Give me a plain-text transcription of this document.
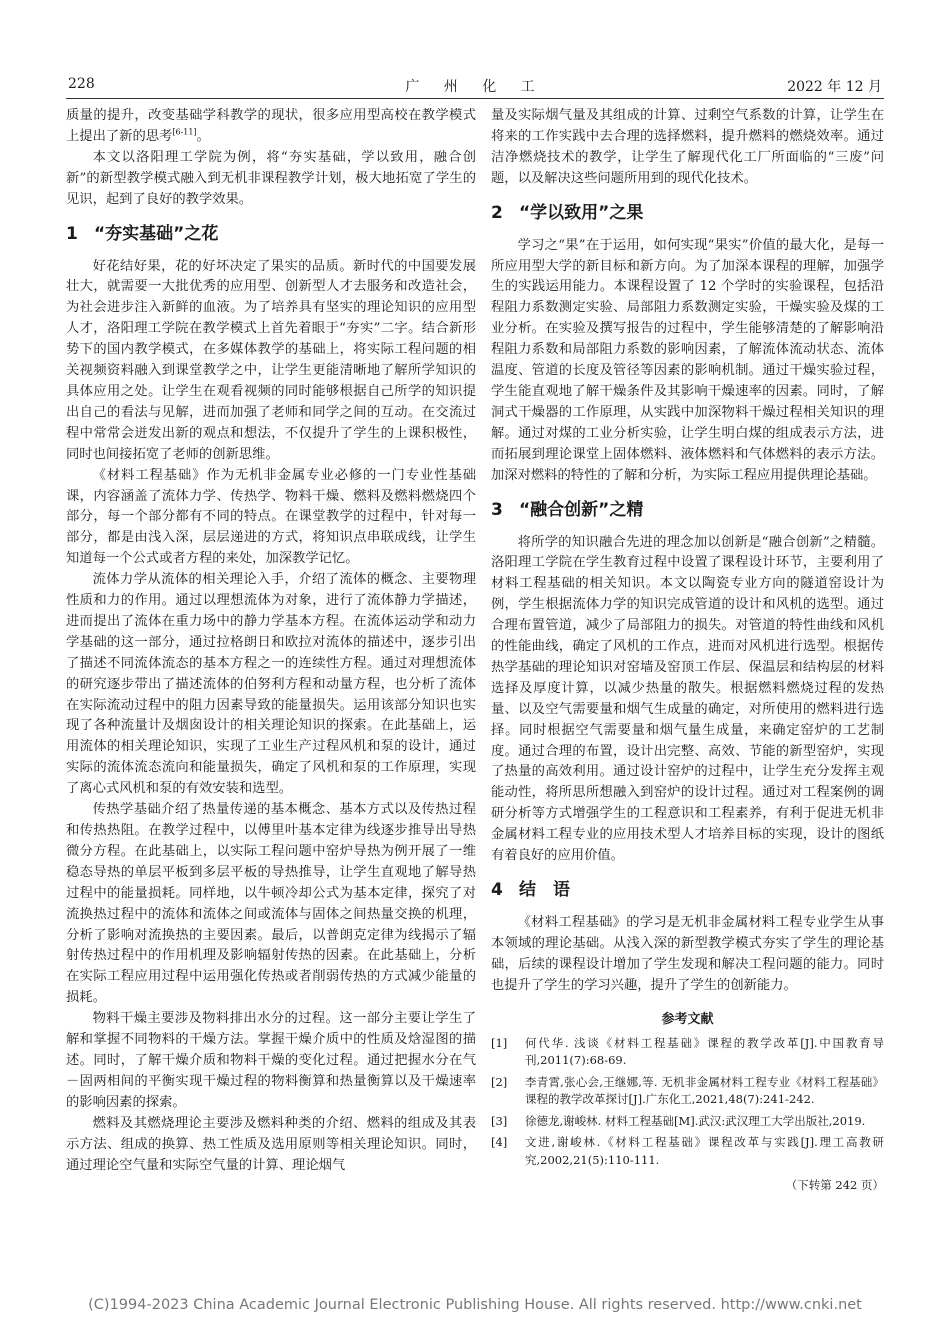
228	广 州 化 工	2022 年 12 月

质量的提升，改变基础学科教学的现状，很多应用型高校在教学模式上提出了新的思考[6-11]。

本文以洛阳理工学院为例，将“夯实基础，学以致用，融合创新”的新型教学模式融入到无机非课程教学计划，极大地拓宽了学生的见识，起到了良好的教学效果。

1 “夯实基础”之花

好花结好果，花的好坏决定了果实的品质。新时代的中国要发展壮大，就需要一大批优秀的应用型、创新型人才去服务和改造社会，为社会进步注入新鲜的血液。为了培养具有坚实的理论知识的应用型人才，洛阳理工学院在教学模式上首先着眼于“夯实”二字。结合新形势下的国内教学模式，在多媒体教学的基础上，将实际工程问题的相关视频资料融入到课堂教学之中，让学生更能清晰地了解所学知识的具体应用之处。让学生在观看视频的同时能够根据自己所学的知识提出自己的看法与见解，进而加强了老师和同学之间的互动。在交流过程中常常会迸发出新的观点和想法，不仅提升了学生的上课积极性，同时也间接拓宽了老师的创新思维。

《材料工程基础》作为无机非金属专业必修的一门专业性基础课，内容涵盖了流体力学、传热学、物料干燥、燃料及燃料燃烧四个部分，每一个部分都有不同的特点。在课堂教学的过程中，针对每一部分，都是由浅入深，层层递进的方式，将知识点串联成线，让学生知道每一个公式或者方程的来处，加深教学记忆。

流体力学从流体的相关理论入手，介绍了流体的概念、主要物理性质和力的作用。通过以理想流体为对象，进行了流体静力学描述，进而提出了流体在重力场中的静力学基本方程。在流体运动学和动力学基础的这一部分，通过拉格朗日和欧拉对流体的描述中，逐步引出了描述不同流体流态的基本方程之一的连续性方程。通过对理想流体的研究逐步带出了描述流体的伯努利方程和动量方程，也分析了流体在实际流动过程中的阻力因素导致的能量损失。运用该部分知识也实现了各种流量计及烟囱设计的相关理论知识的探索。在此基础上，运用流体的相关理论知识，实现了工业生产过程风机和泵的设计，通过实际的流体流态流向和能量损失，确定了风机和泵的工作原理，实现了离心式风机和泵的有效安装和选型。

传热学基础介绍了热量传递的基本概念、基本方式以及传热过程和传热热阻。在教学过程中，以傅里叶基本定律为线逐步推导出导热微分方程。在此基础上，以实际工程问题中窑炉导热为例开展了一维稳态导热的单层平板到多层平板的导热推导，让学生直观地了解导热过程中的能量损耗。同样地，以牛顿冷却公式为基本定律，探究了对流换热过程中的流体和流体之间或流体与固体之间热量交换的机理，分析了影响对流换热的主要因素。最后，以普朗克定律为线揭示了辐射传热过程中的作用机理及影响辐射传热的因素。在此基础上，分析在实际工程应用过程中运用强化传热或者削弱传热的方式减少能量的损耗。

物料干燥主要涉及物料排出水分的过程。这一部分主要让学生了解和掌握不同物料的干燥方法。掌握干燥介质中的性质及焓湿图的描述。同时，了解干燥介质和物料干燥的变化过程。通过把握水分在气－固两相间的平衡实现干燥过程的物料衡算和热量衡算以及干燥速率的影响因素的探索。

燃料及其燃烧理论主要涉及燃料种类的介绍、燃料的组成及其表示方法、组成的换算、热工性质及选用原则等相关理论知识。同时，通过理论空气量和实际空气量的计算、理论烟气

量及实际烟气量及其组成的计算、过剩空气系数的计算，让学生在将来的工作实践中去合理的选择燃料，提升燃料的燃烧效率。通过洁净燃烧技术的教学，让学生了解现代化工厂所面临的“三废”问题，以及解决这些问题所用到的现代化技术。

2 “学以致用”之果

学习之“果”在于运用，如何实现“果实”价值的最大化，是每一所应用型大学的新目标和新方向。为了加深本课程的理解，加强学生的实践运用能力。本课程设置了 12 个学时的实验课程，包括沿程阻力系数测定实验、局部阻力系数测定实验，干燥实验及煤的工业分析。在实验及撰写报告的过程中，学生能够清楚的了解影响沿程阻力系数和局部阻力系数的影响因素，了解流体流动状态、流体温度、管道的长度及管径等因素的影响机制。通过干燥实验过程，学生能直观地了解干燥条件及其影响干燥速率的因素。同时，了解洞式干燥器的工作原理，从实践中加深物料干燥过程相关知识的理解。通过对煤的工业分析实验，让学生明白煤的组成表示方法，进而拓展到理论课堂上固体燃料、液体燃料和气体燃料的表示方法。加深对燃料的特性的了解和分析，为实际工程应用提供理论基础。

3 “融合创新”之精

将所学的知识融合先进的理念加以创新是“融合创新”之精髓。洛阳理工学院在学生教育过程中设置了课程设计环节，主要利用了材料工程基础的相关知识。本文以陶瓷专业方向的隧道窑设计为例，学生根据流体力学的知识完成管道的设计和风机的选型。通过合理布置管道，减少了局部阻力的损失。对管道的特性曲线和风机的性能曲线，确定了风机的工作点，进而对风机进行选型。根据传热学基础的理论知识对窑墙及窑顶工作层、保温层和结构层的材料选择及厚度计算，以减少热量的散失。根据燃料燃烧过程的发热量、以及空气需要量和烟气生成量的确定，对所使用的燃料进行选择。同时根据空气需要量和烟气量生成量，来确定窑炉的工艺制度。通过合理的布置，设计出完整、高效、节能的新型窑炉，实现了热量的高效利用。通过设计窑炉的过程中，让学生充分发挥主观能动性，将所思所想融入到窑炉的设计过程。通过对工程案例的调研分析等方式增强学生的工程意识和工程素养，有利于促进无机非金属材料工程专业的应用技术型人才培养目标的实现，设计的图纸有着良好的应用价值。

4 结　语

《材料工程基础》的学习是无机非金属材料工程专业学生从事本领域的理论基础。从浅入深的新型教学模式夯实了学生的理论基础，后续的课程设计增加了学生发现和解决工程问题的能力。同时也提升了学生的学习兴趣，提升了学生的创新能力。

参考文献
[1]	何代华. 浅谈《材料工程基础》课程的教学改革[J].中国教育导刊,2011(7):68-69.
[2]	李青霄,张心会,王继娜,等. 无机非金属材料工程专业《材料工程基础》课程的教学改革探讨[J].广东化工,2021,48(7):241-242.
[3]	徐德龙,谢峻林. 材料工程基础[M].武汉:武汉理工大学出版社,2019.
[4]	文进,谢峻林.《材料工程基础》课程改革与实践[J].理工高教研究,2002,21(5):110-111.
（下转第 242 页）
(C)1994-2023 China Academic Journal Electronic Publishing House. All rights reserved. http://www.cnki.net
